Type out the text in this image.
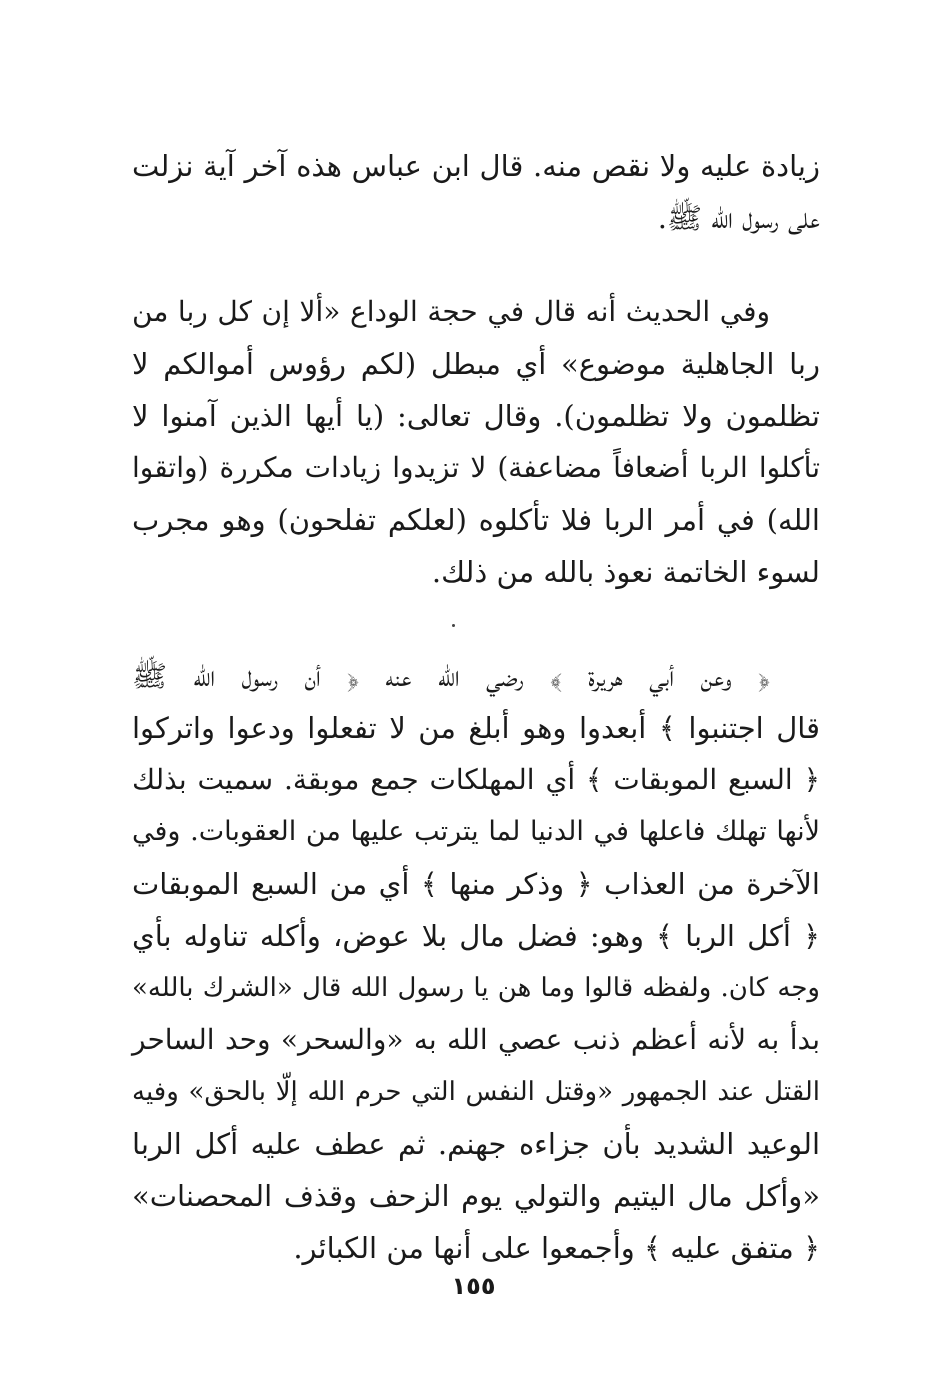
زيادة عليه ولا نقص منه. قال ابن عباس هذه آخر آية نزلت
على رسول الله ﷺ.
وفي الحديث أنه قال في حجة الوداع «ألا إن كل ربا من
ربا الجاهلية موضوع» أي مبطل (لكم رؤوس أموالكم لا
تظلمون ولا تظلمون). وقال تعالى: (يا أيها الذين آمنوا لا
تأكلوا الربا أضعافاً مضاعفة) لا تزيدوا زيادات مكررة (واتقوا
الله) في أمر الربا فلا تأكلوه (لعلكم تفلحون) وهو مجرب
لسوء الخاتمة نعوذ بالله من ذلك.
﴿ وعن أبي هريرة ﴾ رضي الله عنه ﴿ أن رسول الله ﷺ
قال اجتنبوا ﴾ أبعدوا وهو أبلغ من لا تفعلوا ودعوا واتركوا
﴿ السبع الموبقات ﴾ أي المهلكات جمع موبقة. سميت بذلك
لأنها تهلك فاعلها في الدنيا لما يترتب عليها من العقوبات. وفي
الآخرة من العذاب ﴿ وذكر منها ﴾ أي من السبع الموبقات
﴿ أكل الربا ﴾ وهو: فضل مال بلا عوض، وأكله تناوله بأي
وجه كان. ولفظه قالوا وما هن يا رسول الله قال «الشرك بالله»
بدأ به لأنه أعظم ذنب عصي الله به «والسحر» وحد الساحر
القتل عند الجمهور «وقتل النفس التي حرم الله إلّا بالحق» وفيه
الوعيد الشديد بأن جزاءه جهنم. ثم عطف عليه أكل الربا
«وأكل مال اليتيم والتولي يوم الزحف وقذف المحصنات»
﴿ متفق عليه ﴾ وأجمعوا على أنها من الكبائر.
١٥٥
